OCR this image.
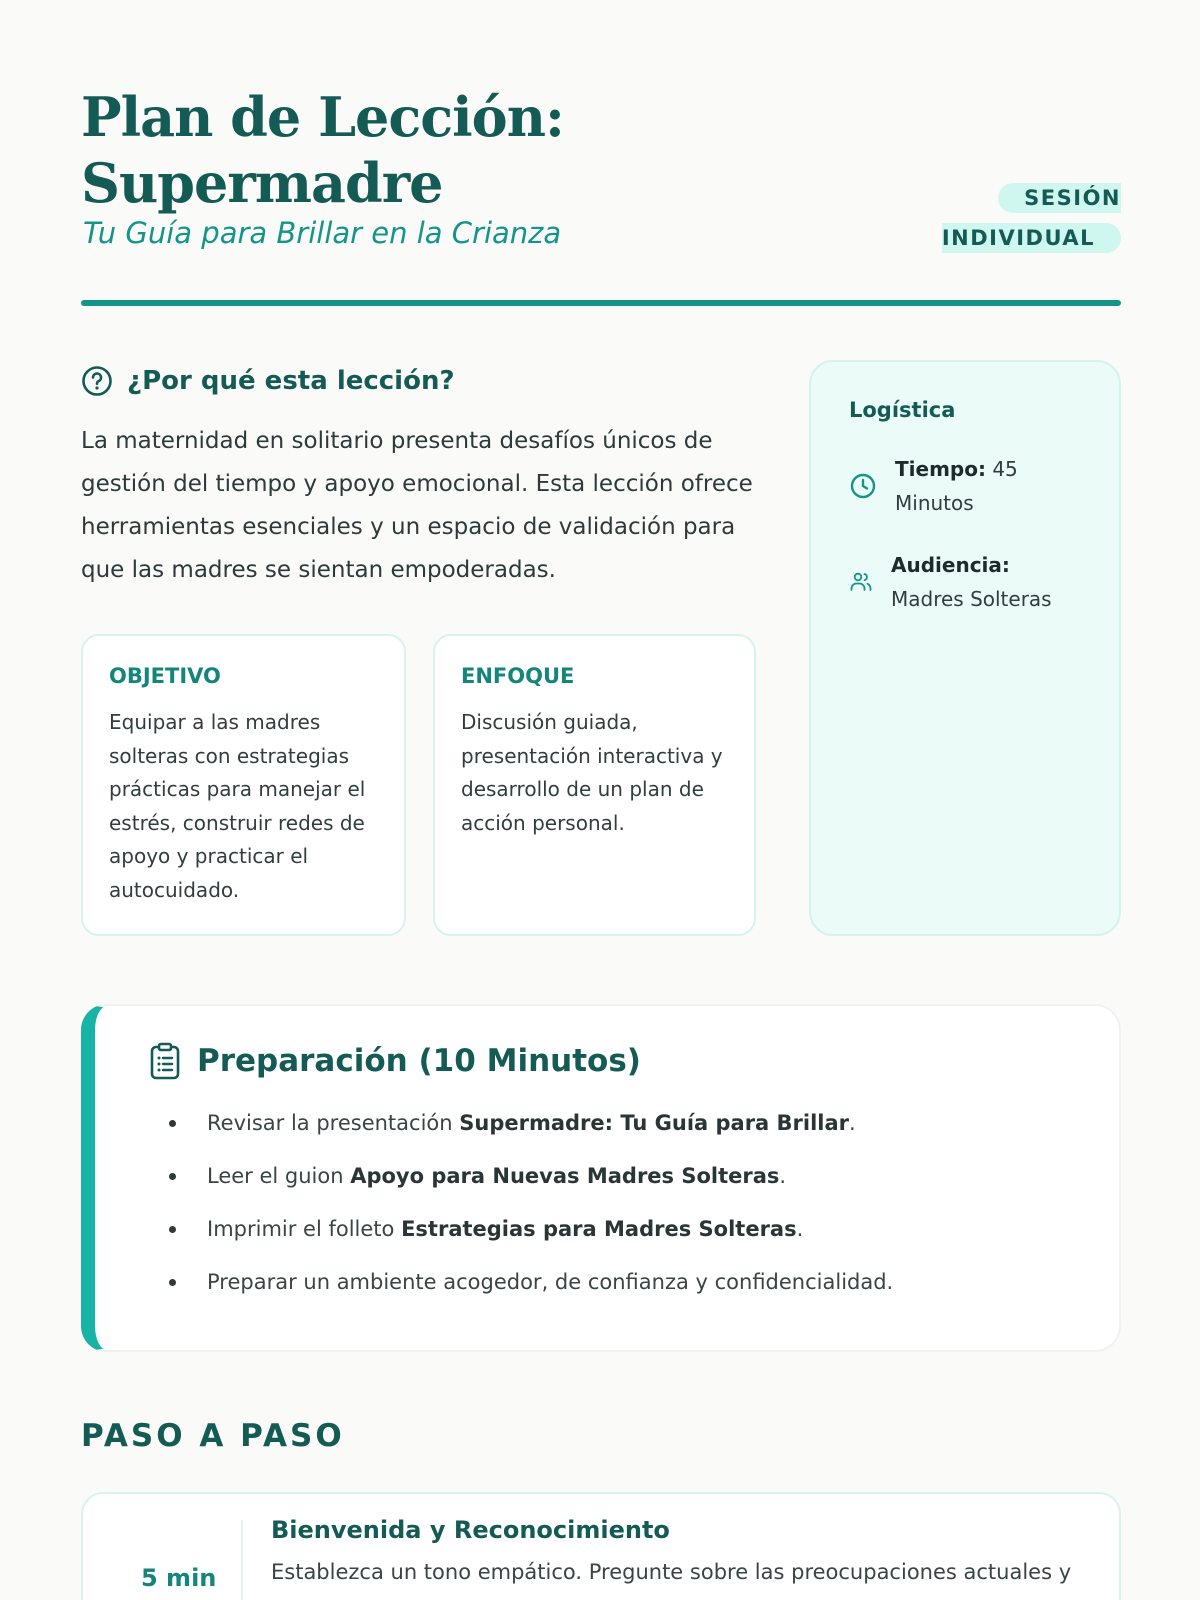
Plan de Lección:
Supermadre
Tu Guía para Brillar en la Crianza
SESIÓN
INDIVIDUAL
¿Por qué esta lección?

La maternidad en solitario presenta desafíos únicos de gestión del tiempo y apoyo emocional. Esta lección ofrece herramientas esenciales y un espacio de validación para que las madres se sientan empoderadas.

OBJETIVO
Equipar a las madres solteras con estrategias prácticas para manejar el estrés, construir redes de apoyo y practicar el autocuidado.
ENFOQUE
Discusión guiada, presentación interactiva y desarrollo de un plan de acción personal.
Logística
Tiempo: 45 Minutos
Audiencia:
Madres Solteras
Preparación (10 Minutos)
Revisar la presentación Supermadre: Tu Guía para Brillar.
Leer el guion Apoyo para Nuevas Madres Solteras.
Imprimir el folleto Estrategias para Madres Solteras.
Preparar un ambiente acogedor, de confianza y confidencialidad.
PASO A PASO
5 min
Bienvenida y Reconocimiento
Establezca un tono empático. Pregunte sobre las preocupaciones actuales y
